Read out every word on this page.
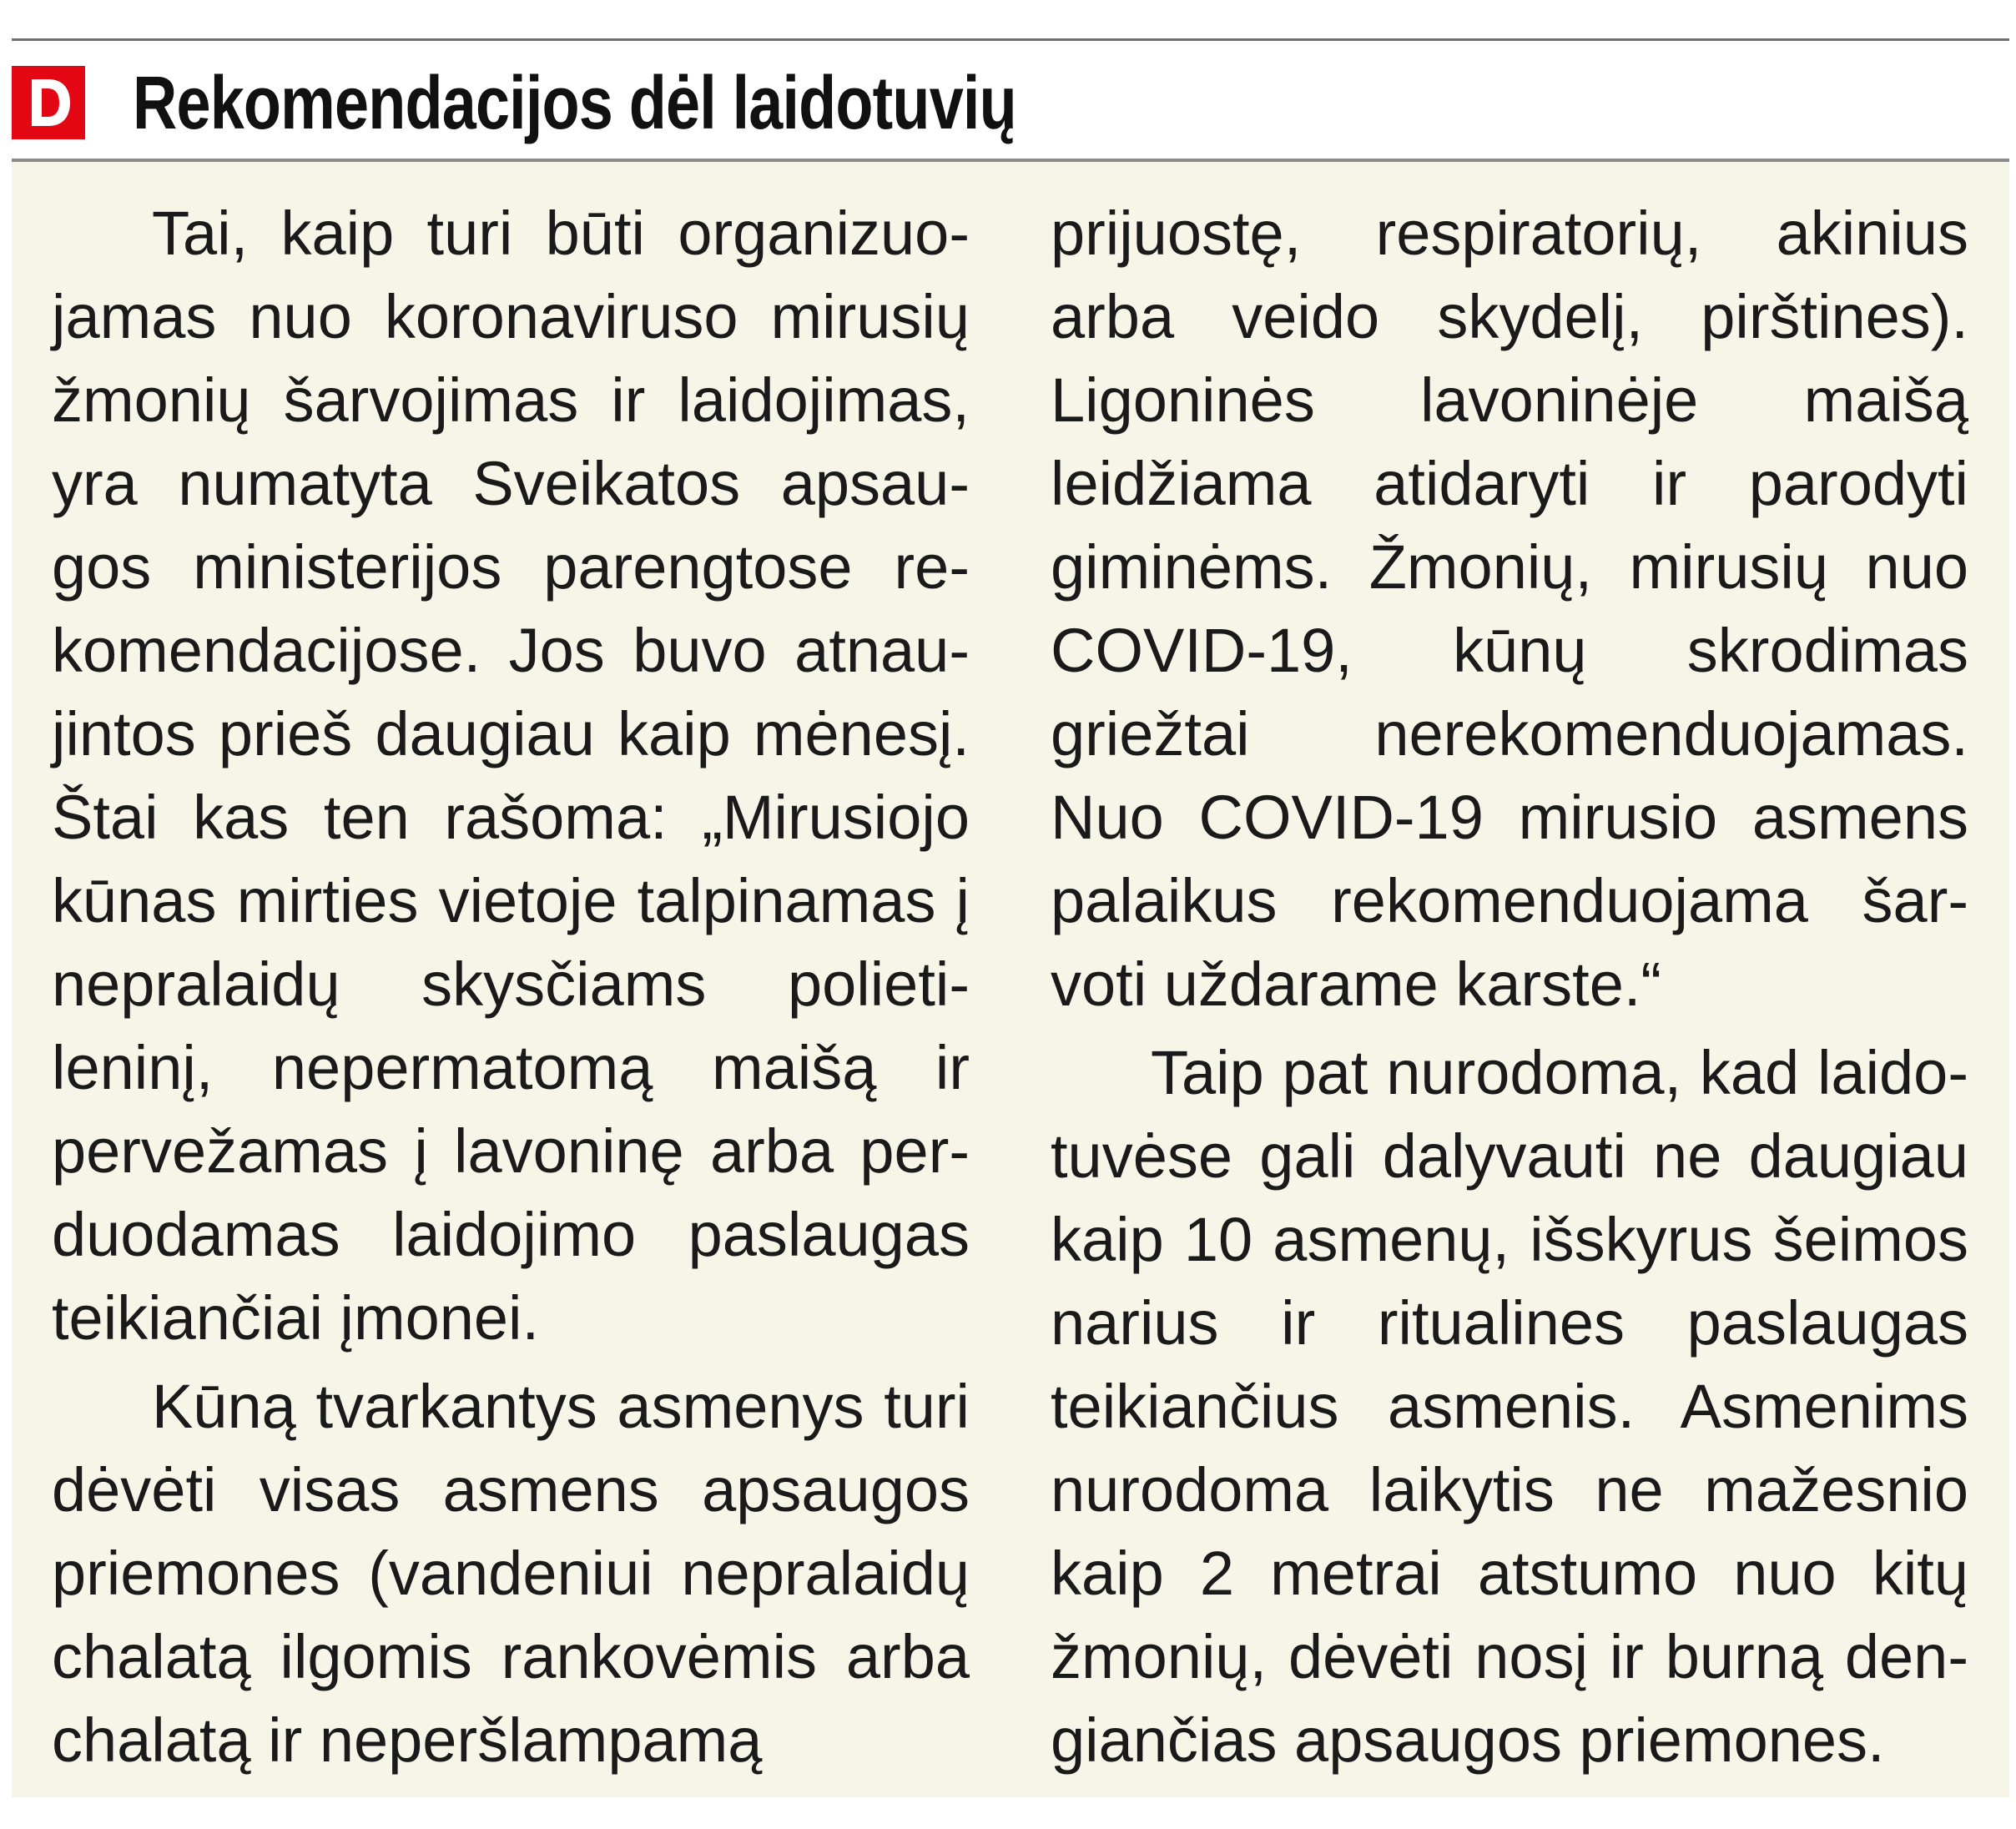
Rekomendacijos dėl laidotuvių

Tai, kaip turi būti organizuojamas nuo koronaviruso mirusių žmonių šarvojimas ir laidojimas, yra numatyta Sveikatos apsaugos ministerijos parengtose rekomendacijose. Jos buvo atnaujintos prieš daugiau kaip mėnesį. Štai kas ten rašoma: „Mirusiojo kūnas mirties vietoje talpinamas į nepralaidų skysčiams polietileninį, nepermatomą maišą ir pervežamas į lavoninę arba perduodamas laidojimo paslaugas teikiančiai įmonei.

Kūną tvarkantys asmenys turi dėvėti visas asmens apsaugos priemones (vandeniui nepralaidų chalatą ilgomis rankovėmis arba chalatą ir neperšlampamą

prijuostę, respiratorių, akinius arba veido skydelį, pirštines). Ligoninės lavoninėje maišą leidžiama atidaryti ir parodyti giminėms. Žmonių, mirusių nuo COVID-19, kūnų skrodimas griežtai nerekomenduojamas. Nuo COVID-19 mirusio asmens palaikus rekomenduojama šarvoti uždarame karste.“

Taip pat nurodoma, kad laidotuvėse gali dalyvauti ne daugiau kaip 10 asmenų, išskyrus šeimos narius ir ritualines paslaugas teikiančius asmenis. Asmenims nurodoma laikytis ne mažesnio kaip 2 metrai atstumo nuo kitų žmonių, dėvėti nosį ir burną dengiančias apsaugos priemones.
